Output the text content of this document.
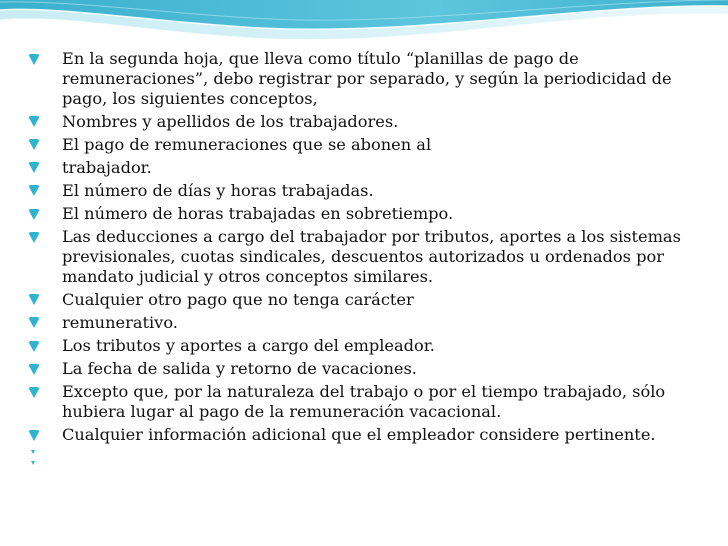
En la segunda hoja, que lleva como título “planillas de pago de remuneraciones”, debo registrar por separado, y según la periodicidad de pago, los siguientes conceptos,
Nombres y apellidos de los trabajadores.
El pago de remuneraciones que se abonen al
trabajador.
El número de días y horas trabajadas.
El número de horas trabajadas en sobretiempo.
Las deducciones a cargo del trabajador por tributos, aportes a los sistemas previsionales, cuotas sindicales, descuentos autorizados u ordenados por mandato judicial y otros conceptos similares.
Cualquier otro pago que no tenga carácter
remunerativo.
Los tributos y aportes a cargo del empleador.
La fecha de salida y retorno de vacaciones.
Excepto que, por la naturaleza del trabajo o por el tiempo trabajado, sólo hubiera lugar al pago de la remuneración vacacional.
Cualquier información adicional que el empleador considere pertinente.
